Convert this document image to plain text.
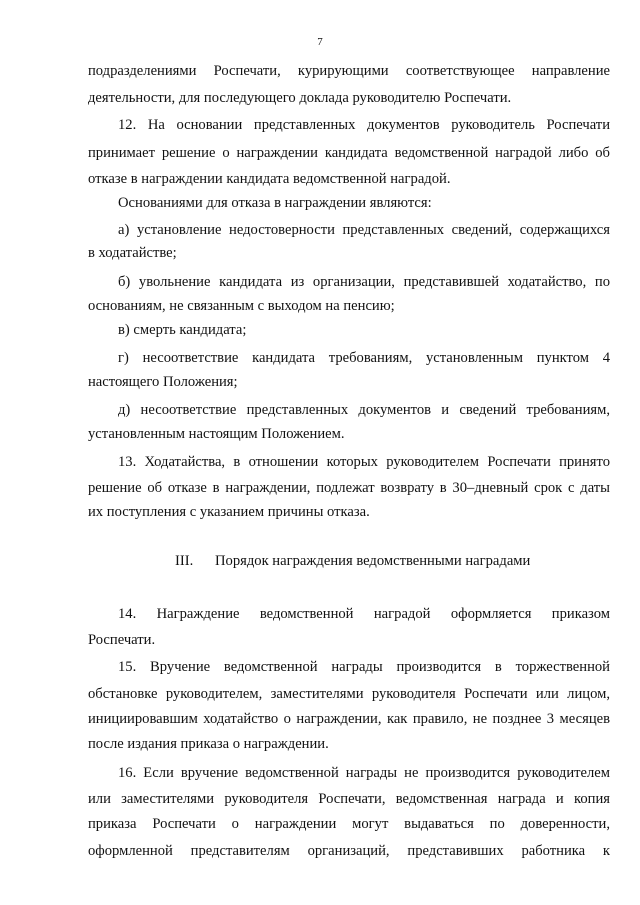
7
подразделениями Роспечати, курирующими соответствующее направление
деятельности, для последующего доклада руководителю Роспечати.
12. На основании представленных документов руководитель Роспечати
принимает решение о награждении кандидата ведомственной наградой либо об
отказе в награждении кандидата ведомственной наградой.
Основаниями для отказа в награждении являются:
а) установление недостоверности представленных сведений, содержащихся
в ходатайстве;
б) увольнение кандидата из организации, представившей ходатайство, по
основаниям, не связанным с выходом на пенсию;
в) смерть кандидата;
г) несоответствие кандидата требованиям, установленным пунктом 4
настоящего Положения;
д) несоответствие представленных документов и сведений требованиям,
установленным настоящим Положением.
13. Ходатайства, в отношении которых руководителем Роспечати принято
решение об отказе в награждении, подлежат возврату в 30–дневный срок с даты
их поступления с указанием причины отказа.
III. Порядок награждения ведомственными наградами
14. Награждение ведомственной наградой оформляется приказом
Роспечати.
15. Вручение ведомственной награды производится в торжественной
обстановке руководителем, заместителями руководителя Роспечати или лицом,
инициировавшим ходатайство о награждении, как правило, не позднее 3 месяцев
после издания приказа о награждении.
16. Если вручение ведомственной награды не производится руководителем
или заместителями руководителя Роспечати, ведомственная награда и копия
приказа Роспечати о награждении могут выдаваться по доверенности,
оформленной представителям организаций, представивших работника к
